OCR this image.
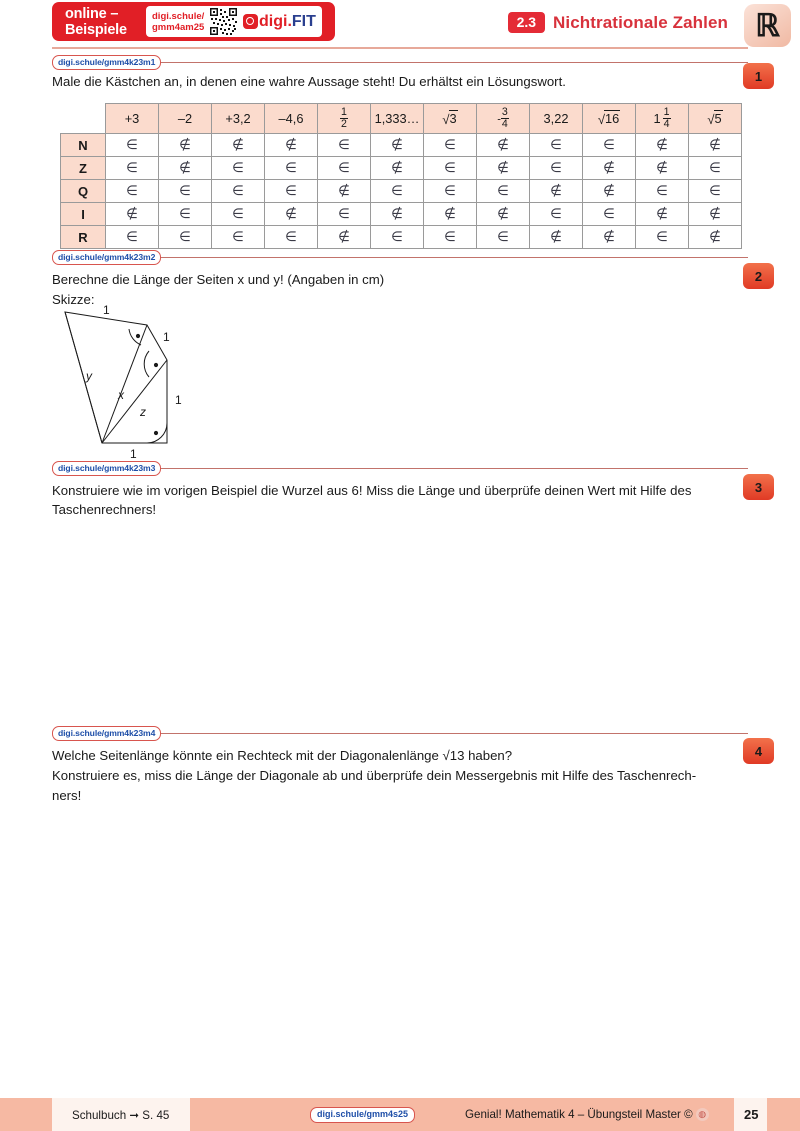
online –
Beispiele
digi.schule/
gmm4am25	digi . FIT	2.3	Nichtrationale Zahlen ℝ
digi.schule/gmm4k23m1
1
Male die Kästchen an, in denen eine wahre Aussage steht! Du erhältst ein Lösungswort.
	+3	–2	+3,2	–4,6	$\frac{1}{2}$	1,333…	√ 3	- $\frac{3}{4}$	3,22	√ 16	$1 \frac{1}{4}$	√ 5

N	∈	∉	∉	∉	∈	∉	∈	∉	∈	∈	∉	∉
Z	∈	∉	∈	∈	∈	∉	∈	∉	∈	∉	∉	∈
Q	∈	∈	∈	∈	∉	∈	∈	∈	∉	∉	∈	∈
I	∉	∈	∈	∉	∈	∉	∉	∉	∈	∈	∉	∉
R	∈	∈	∈	∈	∉	∈	∈	∈	∉	∉	∈	∉
digi.schule/gmm4k23m2
2
Berechne die Länge der Seiten x und y! (Angaben in cm)
Skizze:
1
1
1
1
y
x
z
digi.schule/gmm4k23m3
3
Konstruiere wie im vorigen Beispiel die Wurzel aus 6! Miss die Länge und überprüfe deinen Wert mit Hilfe des Taschenrechners!
digi.schule/gmm4k23m4
4
Welche Seitenlänge könnte ein Rechteck mit der Diagonalenlänge √13 haben?
Konstruiere es, miss die Länge der Diagonale ab und überprüfe dein Messergebnis mit Hilfe des Taschenrech-
ners!
Schulbuch ➞ S. 45	digi.schule/gmm4s25	Genial! Mathematik 4 – Übungsteil Master © ◍	25
